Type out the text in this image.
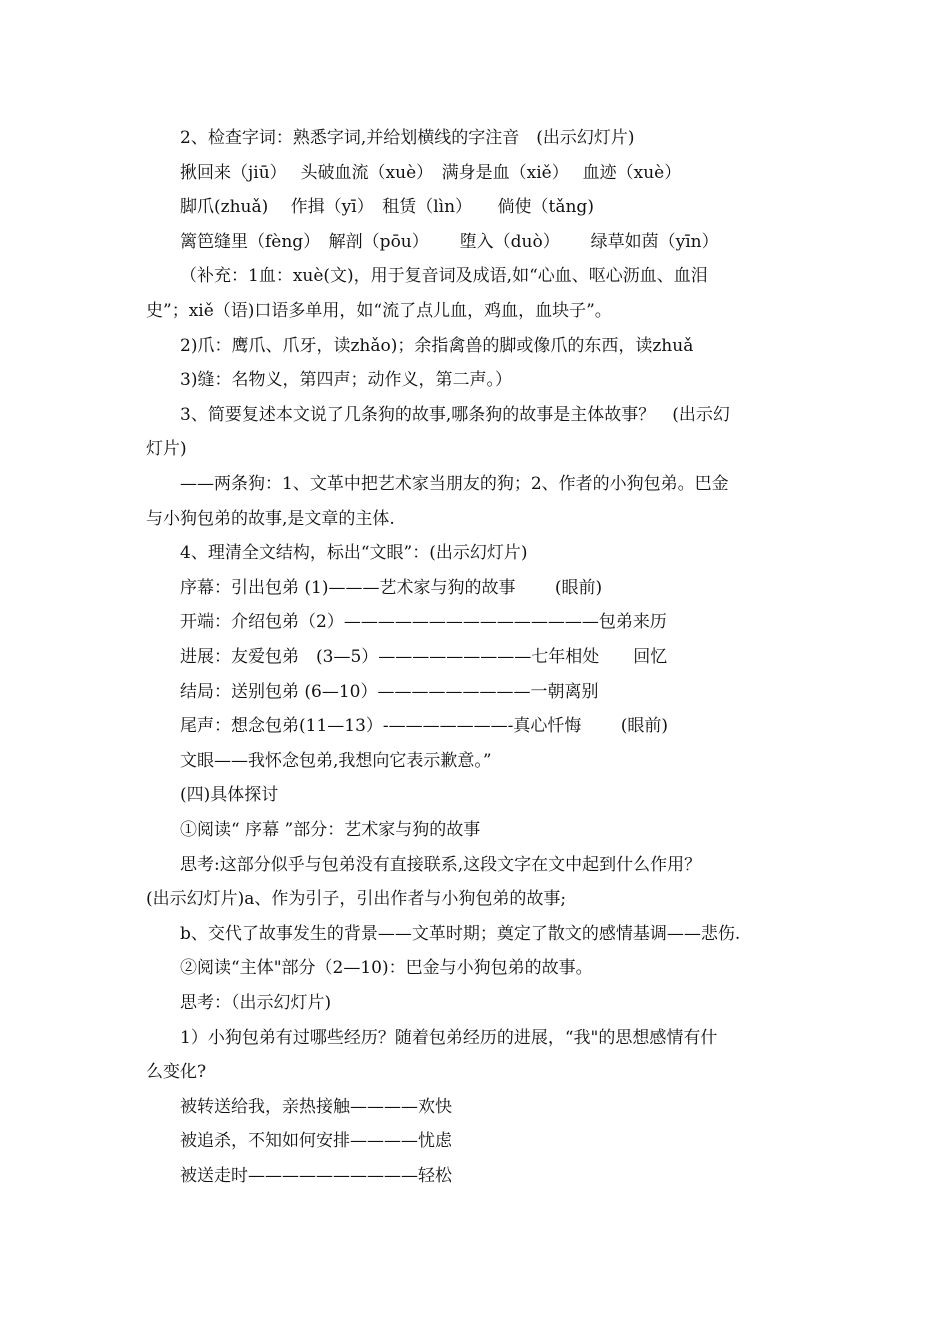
2、检查字词：熟悉字词,并给划横线的字注音　(出示幻灯片)
揪回来（jiū）　 头破血流（xuè）　满身是血（xiě）　 血迹（xuè）
脚爪(zhuǎ)　 作揖（yī）　租赁（lìn）　　倘使（tǎng)
篱笆缝里（fèng）　解剖（pōu）　　 堕入（duò）　　 绿草如茵（yīn）
（补充：1血：xuè(文)，用于复音词及成语,如“心血、呕心沥血、血泪
史”；xiě（语)口语多单用，如“流了点儿血，鸡血，血块子”。
2)爪：鹰爪、爪牙，读zhǎo)；余指禽兽的脚或像爪的东西，读zhuǎ
3)缝：名物义，第四声；动作义，第二声。）
3、简要复述本文说了几条狗的故事,哪条狗的故事是主体故事？　(出示幻
灯片)
——两条狗：1、文革中把艺术家当朋友的狗；2、作者的小狗包弟。巴金
与小狗包弟的故事,是文章的主体.
4、理清全文结构，标出“文眼”：(出示幻灯片)
序幕：引出包弟 (1)———艺术家与狗的故事　　 (眼前)
开端：介绍包弟（2）———————————————包弟来历
进展：友爱包弟　(3—5）—————————七年相处　　回忆
结局：送别包弟 (6—10）—————————一朝离别
尾声：想念包弟(11—13）-———————-真心忏悔　　 (眼前)
文眼——我怀念包弟,我想向它表示歉意。”
(四)具体探讨
①阅读“ 序幕 ”部分：艺术家与狗的故事
思考:这部分似乎与包弟没有直接联系,这段文字在文中起到什么作用？
(出示幻灯片)a、作为引子，引出作者与小狗包弟的故事;
b、交代了故事发生的背景——文革时期；奠定了散文的感情基调——悲伤.
②阅读“主体"部分（2—10)：巴金与小狗包弟的故事。
思考：（出示幻灯片)
1）小狗包弟有过哪些经历？随着包弟经历的进展，“我"的思想感情有什
么变化?
被转送给我，亲热接触————欢快
被追杀，不知如何安排————忧虑
被送走时——————————轻松
